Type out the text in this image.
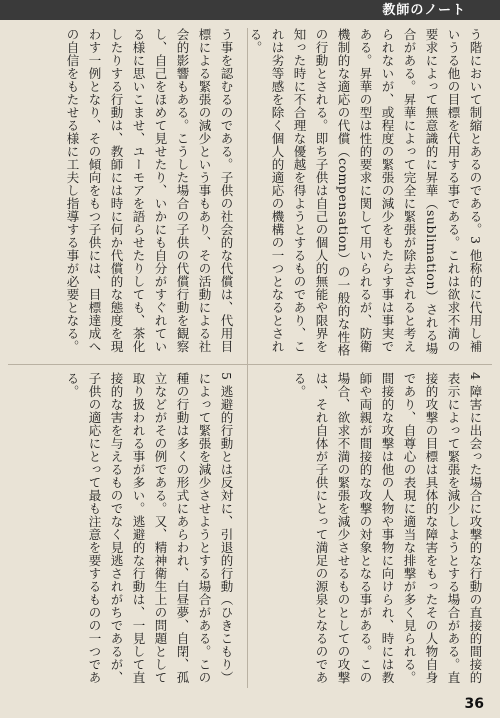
教師のノート
う階において制縮とあるのである。3 他称的に代用し補いうる他の目標を代用する事である。これは欲求不満の要求によって無意識的に昇華（sublimation）される場合がある。昇華によって完全に緊張が除去されると考えられないが、或程度の緊張の減少をもたらす事は事実である。昇華の型は性的要求に関して用いられるが、防衛機制的な適応の代償（compensation）の一般的な性格の行動とされる。即ち子供は自己の個人的無能や限界を知った時に不合理な優越を得ようとするものであり、これは劣等感を除く個人的適応の機構の一つとなるとされる。
う事を認むるのである。子供の社会的な代償は、代用目標による緊張の減少という事もあり、その活動による社会的影響もある。こうした場合の子供の代償行動を観察し、自己をほめて見せたり、いかにも自分がすぐれている様に思いこませ、ユーモアを語らせたりしても、茶化したりする行動は、教師には時に何か代償的な態度を現わす一例となり、その傾向をもつ子供には、目標達成への自信をもたせる様に工夫し指導する事が必要となる。
4 障害に出会った場合に攻撃的な行動の直接的間接的表示によって緊張を減少しようとする場合がある。直接的攻撃の目標は具体的な障害をもったその人物自身であり、自尊心の表現に適当な排撃が多く見られる。間接的な攻撃は他の人物や事物に向けられ、時には教師や両親が間接的な攻撃の対象となる事がある。この場合、欲求不満の緊張を減少させるものとしての攻撃は、それ自体が子供にとって満足の源泉となるのである。
5 逃避的行動とは反対に、引退的行動（ひきこもり）によって緊張を減少させようとする場合がある。この種の行動は多くの形式にあらわれ、白昼夢、自閉、孤立などがその例である。又、精神衛生上の問題として取り扱われる事が多い。逃避的な行動は、一見して直接的な害を与えるものでなく見逃されがちであるが、子供の適応にとって最も注意を要するものの一つである。
36
